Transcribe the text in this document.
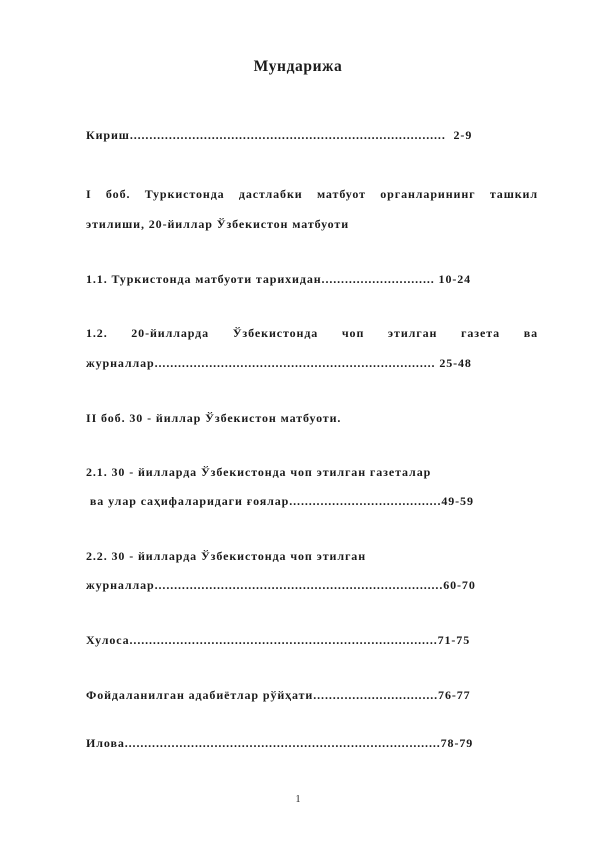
Мундарижа
Кириш.................................................................................  2-9
I боб. Туркистонда дастлабки матбуот органларининг ташкил
этилиши, 20-йиллар Ўзбекистон матбуоти
1.1. Туркистонда матбуоти тарихидан............................. 10-24
1.2. 20-йилларда Ўзбекистонда чоп этилган газета ва
журналлар........................................................................ 25-48
II боб. 30 - йиллар Ўзбекистон матбуоти.
2.1. 30 - йилларда Ўзбекистонда чоп этилган газеталар
ва улар саҳифаларидаги ғоялар.......................................49-59
2.2. 30 - йилларда Ўзбекистонда чоп этилган
журналлар..........................................................................60-70
Хулоса...............................................................................71-75
Фойдаланилган адабиётлар рўйҳати................................76-77
Илова.................................................................................78-79
1
